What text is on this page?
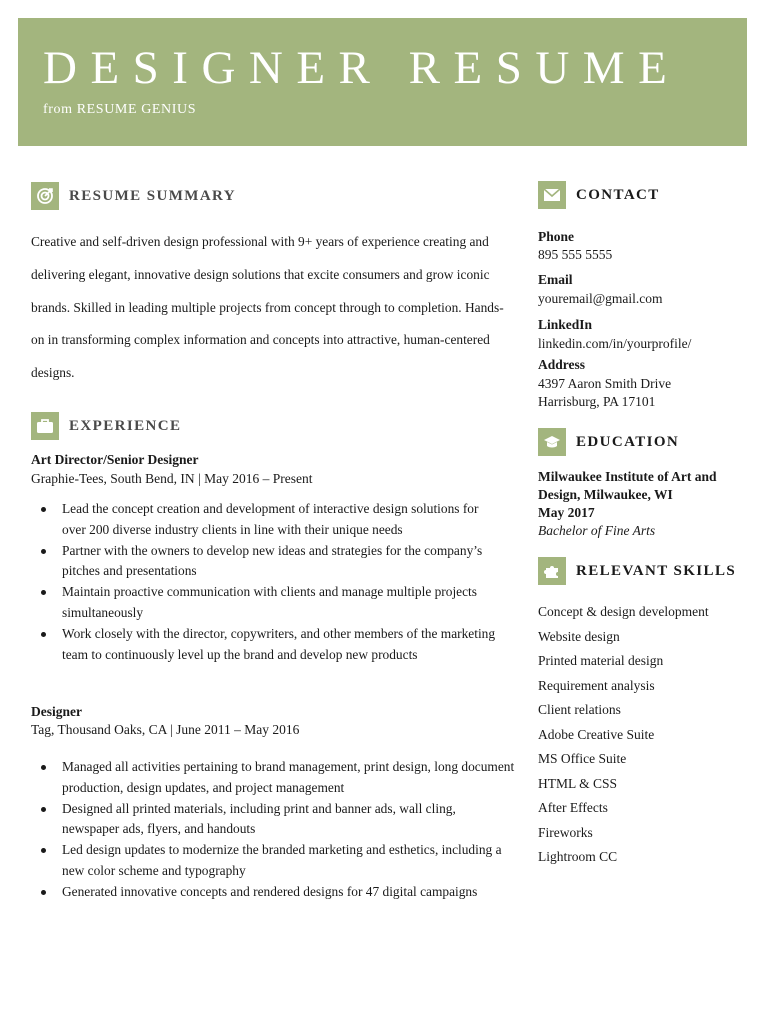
DESIGNER RESUME
from RESUME GENIUS
RESUME SUMMARY

Creative and self-driven design professional with 9+ years of experience creating and delivering elegant, innovative design solutions that excite consumers and grow iconic brands. Skilled in leading multiple projects from concept through to completion. Hands-on in transforming complex information and concepts into attractive, human-centered designs.

EXPERIENCE
Art Director/Senior Designer
Graphie-Tees, South Bend, IN | May 2016 – Present
Lead the concept creation and development of interactive design solutions for over 200 diverse industry clients in line with their unique needs
Partner with the owners to develop new ideas and strategies for the company’s pitches and presentations
Maintain proactive communication with clients and manage multiple projects simultaneously
Work closely with the director, copywriters, and other members of the marketing team to continuously level up the brand and develop new products
Designer
Tag, Thousand Oaks, CA | June 2011 – May 2016
Managed all activities pertaining to brand management, print design, long document production, design updates, and project management
Designed all printed materials, including print and banner ads, wall cling, newspaper ads, flyers, and handouts
Led design updates to modernize the branded marketing and esthetics, including a new color scheme and typography
Generated innovative concepts and rendered designs for 47 digital campaigns
CONTACT
Phone
895 555 5555
Email
youremail@gmail.com
LinkedIn
linkedin.com/in/yourprofile/
Address
4397 Aaron Smith Drive
Harrisburg, PA 17101
EDUCATION
Milwaukee Institute of Art and Design, Milwaukee, WI
May 2017
Bachelor of Fine Arts
RELEVANT SKILLS
Concept & design development
Website design
Printed material design
Requirement analysis
Client relations
Adobe Creative Suite
MS Office Suite
HTML & CSS
After Effects
Fireworks
Lightroom CC
